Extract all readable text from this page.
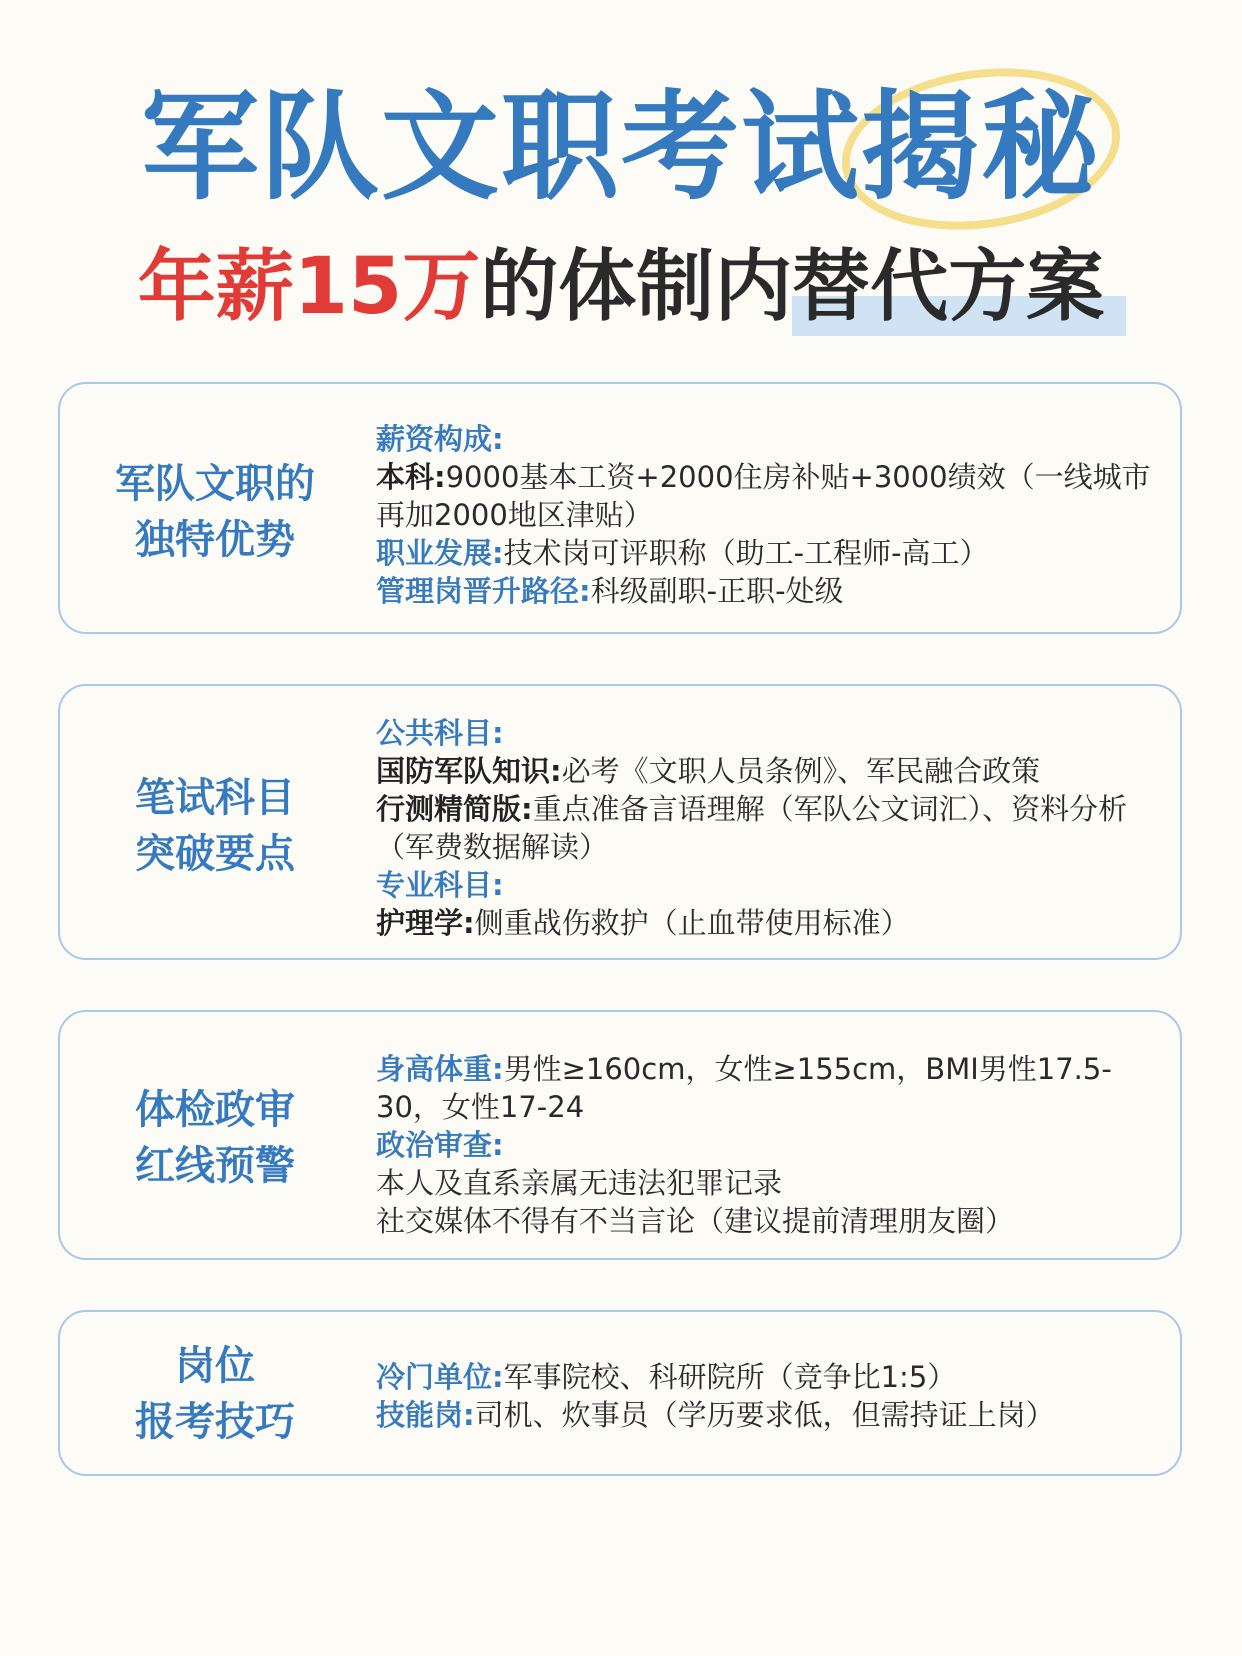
军队文职考试
揭秘
年薪15万的体制内替代方案
军队文职的
独特优势

薪资构成:

本科:9000基本工资+2000住房补贴+3000绩效（一线城市再加2000地区津贴）

职业发展:技术岗可评职称（助工-工程师-高工）

管理岗晋升路径:科级副职-正职-处级

笔试科目
突破要点

公共科目:

国防军队知识:必考《文职人员条例》、军民融合政策

行测精简版:重点准备言语理解（军队公文词汇）、资料分析（军费数据解读）

专业科目:

护理学:侧重战伤救护（止血带使用标准）

体检政审
红线预警

身高体重:男性≥160cm，女性≥155cm，BMI男性17.5-30，女性17-24

政治审查:

本人及直系亲属无违法犯罪记录

社交媒体不得有不当言论（建议提前清理朋友圈）

岗位
报考技巧

冷门单位:军事院校、科研院所（竞争比1:5）

技能岗:司机、炊事员（学历要求低，但需持证上岗）
